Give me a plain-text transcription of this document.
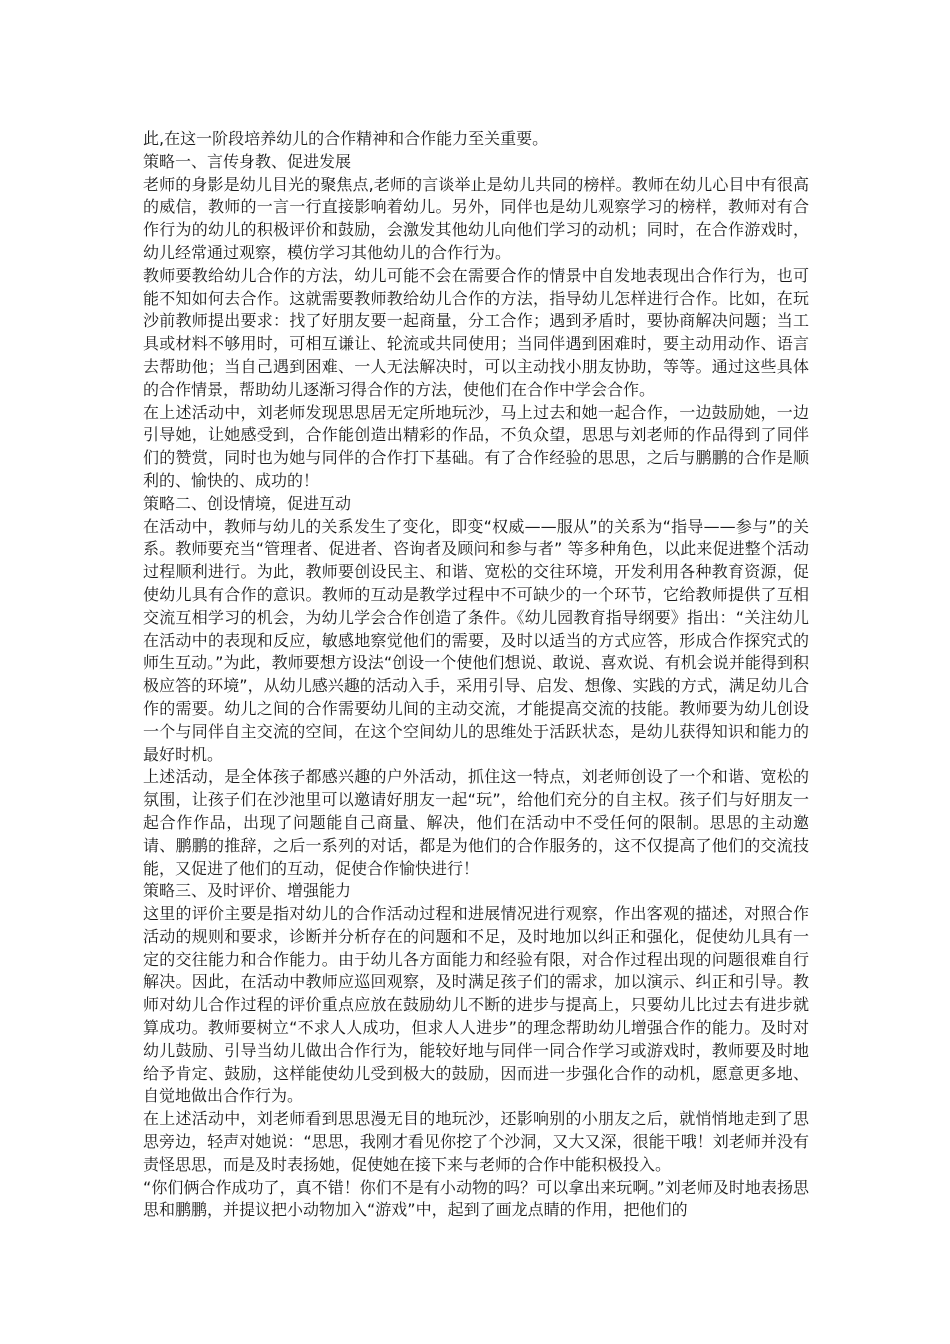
此,在这一阶段培养幼儿的合作精神和合作能力至关重要。

策略一、言传身教、促进发展

老师的身影是幼儿目光的聚焦点,老师的言谈举止是幼儿共同的榜样。教师在幼儿心目中有很高的威信，教师的一言一行直接影响着幼儿。另外，同伴也是幼儿观察学习的榜样，教师对有合作行为的幼儿的积极评价和鼓励，会激发其他幼儿向他们学习的动机；同时，在合作游戏时，幼儿经常通过观察，模仿学习其他幼儿的合作行为。

教师要教给幼儿合作的方法，幼儿可能不会在需要合作的情景中自发地表现出合作行为，也可能不知如何去合作。这就需要教师教给幼儿合作的方法，指导幼儿怎样进行合作。比如，在玩沙前教师提出要求：找了好朋友要一起商量，分工合作；遇到矛盾时，要协商解决问题；当工具或材料不够用时，可相互谦让、轮流或共同使用；当同伴遇到困难时，要主动用动作、语言去帮助他；当自己遇到困难、一人无法解决时，可以主动找小朋友协助，等等。通过这些具体的合作情景，帮助幼儿逐渐习得合作的方法，使他们在合作中学会合作。

在上述活动中，刘老师发现思思居无定所地玩沙，马上过去和她一起合作，一边鼓励她，一边引导她，让她感受到，合作能创造出精彩的作品，不负众望，思思与刘老师的作品得到了同伴们的赞赏，同时也为她与同伴的合作打下基础。有了合作经验的思思，之后与鹏鹏的合作是顺利的、愉快的、成功的！

策略二、创设情境，促进互动

在活动中，教师与幼儿的关系发生了变化，即变“权威——服从”的关系为“指导——参与”的关系。教师要充当“管理者、促进者、咨询者及顾问和参与者” 等多种角色，以此来促进整个活动过程顺利进行。为此，教师要创设民主、和谐、宽松的交往环境，开发利用各种教育资源，促使幼儿具有合作的意识。教师的互动是教学过程中不可缺少的一个环节，它给教师提供了互相交流互相学习的机会，为幼儿学会合作创造了条件。《幼儿园教育指导纲要》指出：“关注幼儿在活动中的表现和反应，敏感地察觉他们的需要，及时以适当的方式应答，形成合作探究式的师生互动。”为此，教师要想方设法“创设一个使他们想说、敢说、喜欢说、有机会说并能得到积极应答的环境”，从幼儿感兴趣的活动入手，采用引导、启发、想像、实践的方式，满足幼儿合作的需要。幼儿之间的合作需要幼儿间的主动交流，才能提高交流的技能。教师要为幼儿创设一个与同伴自主交流的空间，在这个空间幼儿的思维处于活跃状态，是幼儿获得知识和能力的最好时机。

上述活动，是全体孩子都感兴趣的户外活动，抓住这一特点，刘老师创设了一个和谐、宽松的氛围，让孩子们在沙池里可以邀请好朋友一起“玩”，给他们充分的自主权。孩子们与好朋友一起合作作品，出现了问题能自己商量、解决，他们在活动中不受任何的限制。思思的主动邀请、鹏鹏的推辞，之后一系列的对话，都是为他们的合作服务的，这不仅提高了他们的交流技能，又促进了他们的互动，促使合作愉快进行！

策略三、及时评价、增强能力

这里的评价主要是指对幼儿的合作活动过程和进展情况进行观察，作出客观的描述，对照合作活动的规则和要求，诊断并分析存在的问题和不足，及时地加以纠正和强化，促使幼儿具有一定的交往能力和合作能力。由于幼儿各方面能力和经验有限，对合作过程出现的问题很难自行解决。因此，在活动中教师应巡回观察，及时满足孩子们的需求，加以演示、纠正和引导。教师对幼儿合作过程的评价重点应放在鼓励幼儿不断的进步与提高上，只要幼儿比过去有进步就算成功。教师要树立“不求人人成功，但求人人进步”的理念帮助幼儿增强合作的能力。及时对幼儿鼓励、引导当幼儿做出合作行为，能较好地与同伴一同合作学习或游戏时，教师要及时地给予肯定、鼓励，这样能使幼儿受到极大的鼓励，因而进一步强化合作的动机，愿意更多地、自觉地做出合作行为。

在上述活动中，刘老师看到思思漫无目的地玩沙，还影响别的小朋友之后，就悄悄地走到了思思旁边，轻声对她说：“思思，我刚才看见你挖了个沙洞，又大又深，很能干哦！刘老师并没有责怪思思，而是及时表扬她，促使她在接下来与老师的合作中能积极投入。

“你们俩合作成功了，真不错！你们不是有小动物的吗？可以拿出来玩啊。”刘老师及时地表扬思思和鹏鹏，并提议把小动物加入“游戏”中，起到了画龙点睛的作用，把他们的
